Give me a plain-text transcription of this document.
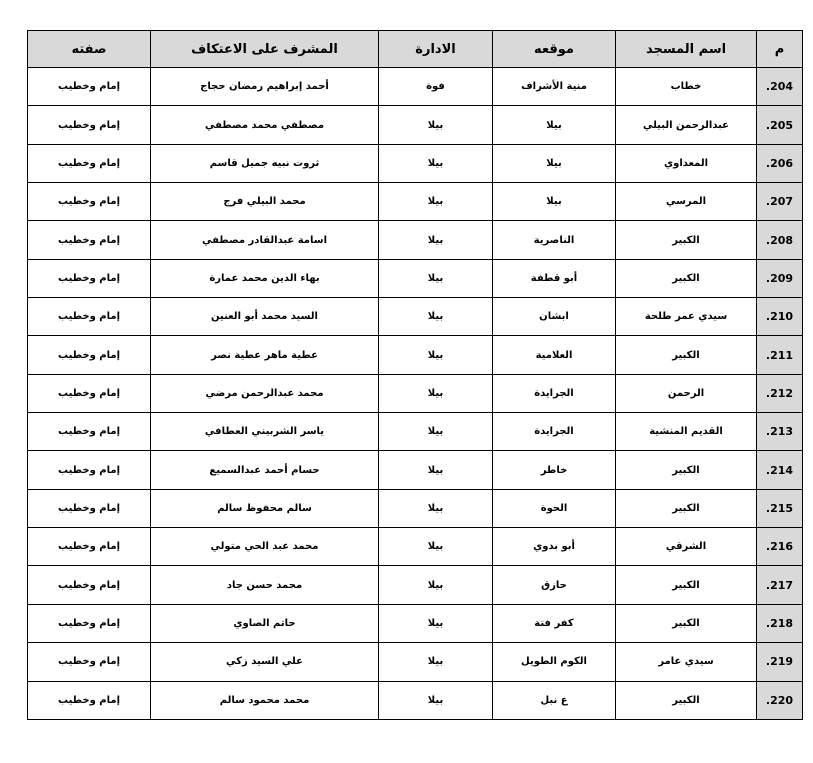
م	اسم المسجد	موقعه	الادارة	المشرف على الاعتكاف	صفته
204.	خطاب	منية الأشراف	فوة	أحمد إبراهيم رمضان حجاج	إمام وخطيب
205.	عبدالرحمن البيلي	بيلا	بيلا	مصطفي محمد مصطفي	إمام وخطيب
206.	المعداوي	بيلا	بيلا	ثروت نبيه جميل قاسم	إمام وخطيب
207.	المرسي	بيلا	بيلا	محمد البيلي فرج	إمام وخطيب
208.	الكبير	الناصرية	بيلا	اسامة عبدالقادر مصطفي	إمام وخطيب
209.	الكبير	أبو قطفة	بيلا	بهاء الدين محمد عمارة	إمام وخطيب
210.	سيدي عمر طلحة	ابشان	بيلا	السيد محمد أبو العنين	إمام وخطيب
211.	الكبير	العلامية	بيلا	عطية ماهر عطية نصر	إمام وخطيب
212.	الرحمن	الجرايدة	بيلا	محمد عبدالرحمن مرضي	إمام وخطيب
213.	القديم المنشية	الجرايدة	بيلا	ياسر الشربيني العطافي	إمام وخطيب
214.	الكبير	خاطر	بيلا	حسام أحمد عبدالسميع	إمام وخطيب
215.	الكبير	الحوة	بيلا	سالم محفوظ سالم	إمام وخطيب
216.	الشرقي	أبو بدوي	بيلا	محمد عبد الحي متولي	إمام وخطيب
217.	الكبير	حازق	بيلا	محمد حسن جاد	إمام وخطيب
218.	الكبير	كفر فتة	بيلا	حاتم الصاوي	إمام وخطيب
219.	سيدي عامر	الكوم الطويل	بيلا	علي السيد زكي	إمام وخطيب
220.	الكبير	ع نبل	بيلا	محمد محمود سالم	إمام وخطيب
